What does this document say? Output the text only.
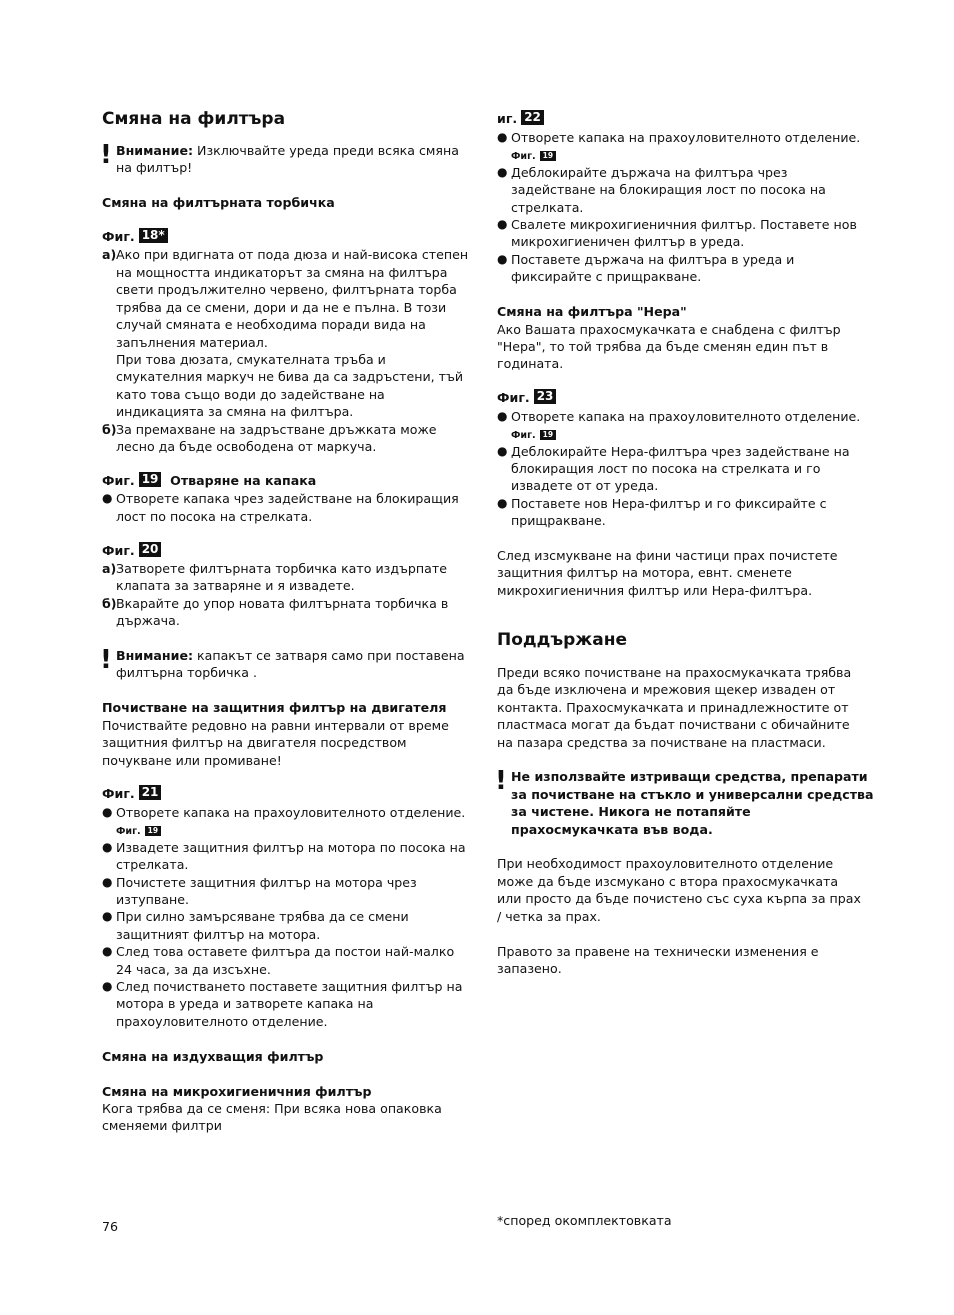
Смяна на филтъра
! Внимание: Изключвайте уреда преди всяка смяна
на филтър!
Смяна на филтърната торбичка
Фиг. 18*
а) Ако при вдигната от пода дюза и най-висока степен
на мощността индикаторът за смяна на филтъра
свети продължително червено, филтърната торба
трябва да се смени, дори и да не е пълна. В този
случай смяната е необходима поради вида на
запълнения материал.
При това дюзата, смукателната тръба и
смукателния маркуч не бива да са задръстени, тъй
като това също води до задействане на
индикацията за смяна на филтъра.
б) За премахване на задръстване дръжката може
лесно да бъде освободена от маркуча.
Фиг. 19 Отваряне на капака
● Отворете капака чрез задействане на блокиращия
лост по посока на стрелката.
Фиг. 20
а) Затворете филтърната торбичка като издърпате
клапата за затваряне и я извадете.
б) Вкарайте до упор новата филтърната торбичка в
държача.
! Внимание: капакът се затваря само при поставена
филтърна торбичка .
Почистване на защитния филтър на двигателя
Почиствайте редовно на равни интервали от време
защитния филтър на двигателя посредством
почукване или промиване!
Фиг. 21
● Отворете капака на прахоуловителното отделение.
Фиг. 19
● Извадете защитния филтър на мотора по посока на
стрелката.
● Почистете защитния филтър на мотора чрез
изтупване.
● При силно замърсяване трябва да се смени
защитният филтър на мотора.
● След това оставете филтъра да постои най-малко
24 часа, за да изсъхне.
● След почистването поставете защитния филтър на
мотора в уреда и затворете капака на
прахоуловителното отделение.
Смяна на издухващия филтър
Смяна на микрохигиеничния филтър
Кога трябва да се сменя: При всяка нова опаковка
сменяеми филтри
иг. 22
● Отворете капака на прахоуловителното отделение.
Фиг. 19
● Деблокирайте държача на филтъра чрез
задействане на блокиращия лост по посока на
стрелката.
● Свалете микрохигиеничния филтър. Поставете нов
микрохигиеничен филтър в уреда.
● Поставете държача на филтъра в уреда и
фиксирайте с прищракване.
Смяна на филтъра "Нера"
Ако Вашата прахосмукачката е снабдена с филтър
"Нера", то той трябва да бъде сменян един път в
годината.
Фиг. 23
● Отворете капака на прахоуловителното отделение.
Фиг. 19
● Деблокирайте Нера-филтъра чрез задействане на
блокиращия лост по посока на стрелката и го
извадете от от уреда.
● Поставете нов Нера-филтър и го фиксирайте с
прищракване.
След изсмукване на фини частици прах почистете
защитния филтър на мотора, евнт. сменете
микрохигиеничния филтър или Нера-филтъра.
Поддържане
Преди всяко почистване на прахосмукачката трябва
да бъде изключена и мрежовия щекер изваден от
контакта. Прахосмукачката и принадлежностите от
пластмаса могат да бъдат почиствани с обичайните
на пазара средства за почистване на пластмаси.
! Не използвайте изтриващи средства, препарати
за почистване на стъкло и универсални средства
за чистене. Никога не потапяйте
прахосмукачката във вода.
При необходимост прахоуловителното отделение
може да бъде изсмукано с втора прахосмукачката
или просто да бъде почистено със суха кърпа за прах
/ четка за прах.
Правото за правене на технически изменения е
запазено.
76	*според окомплектовката
